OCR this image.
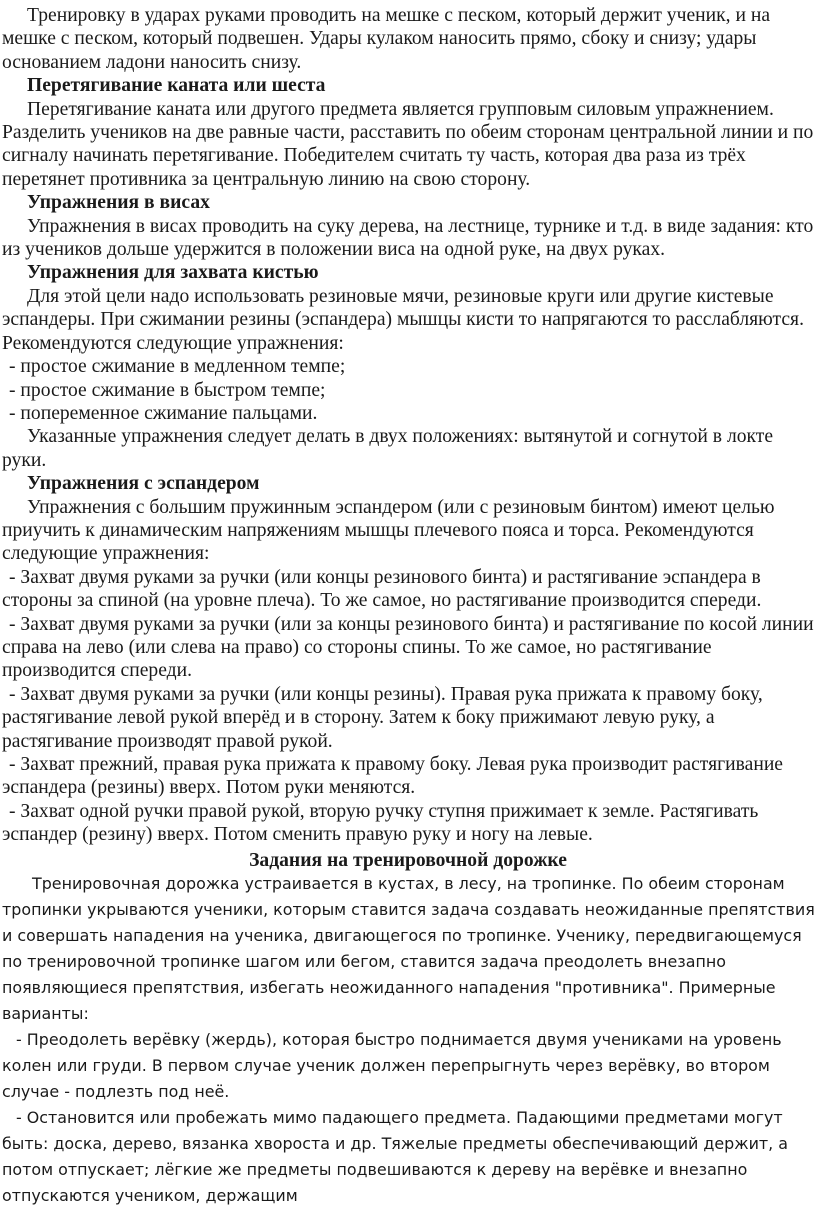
Тренировку в ударах руками проводить на мешке с песком, который держит ученик, и на мешке с песком, который подвешен. Удары кулаком наносить прямо, сбоку и снизу; удары основанием ладони наносить снизу.

Перетягивание каната или шеста

Перетягивание каната или другого предмета является групповым силовым упражнением. Разделить учеников на две равные части, расставить по обеим сторонам центральной линии и по сигналу начинать перетягивание. Победителем считать ту часть, которая два раза из трёх перетянет противника за центральную линию на свою сторону.

Упражнения в висах

Упражнения в висах проводить на суку дерева, на лестнице, турнике и т.д. в виде задания: кто из учеников дольше удержится в положении виса на одной руке, на двух руках.

Упражнения для захвата кистью

Для этой цели надо использовать резиновые мячи, резиновые круги или другие кистевые эспандеры. При сжимании резины (эспандера) мышцы кисти то напрягаются то расслабляются. Рекомендуются следующие упражнения:

- простое сжимание в медленном темпе;
- простое сжимание в быстром темпе;
- попеременное сжимание пальцами.

Указанные упражнения следует делать в двух положениях: вытянутой и согнутой в локте руки.

Упражнения с эспандером

Упражнения с большим пружинным эспандером (или с резиновым бинтом) имеют целью приучить к динамическим напряжениям мышцы плечевого пояса и торса. Рекомендуются следующие упражнения:

- Захват двумя руками за ручки (или концы резинового бинта) и растягивание эспандера в стороны за спиной (на уровне плеча). То же самое, но растягивание производится спереди.
- Захват двумя руками за ручки (или за концы резинового бинта) и растягивание по косой линии справа на лево (или слева на право) со стороны спины. То же самое, но растягивание производится спереди.
- Захват двумя руками за ручки (или концы резины). Правая рука прижата к правому боку, растягивание левой рукой вперёд и в сторону. Затем к боку прижимают левую руку, а растягивание производят правой рукой.
- Захват прежний, правая рука прижата к правому боку. Левая рука производит растягивание эспандера (резины) вверх. Потом руки меняются.
- Захват одной ручки правой рукой, вторую ручку ступня прижимает к земле. Растягивать эспандер (резину) вверх. Потом сменить правую руку и ногу на левые.
Задания на тренировочной дорожке

Тренировочная дорожка устраивается в кустах, в лесу, на тропинке. По обеим сторонам тропинки укрываются ученики, которым ставится задача создавать неожиданные препятствия и совершать нападения на ученика, двигающегося по тропинке. Ученику, передвигающемуся по тренировочной тропинке шагом или бегом, ставится задача преодолеть внезапно появляющиеся препятствия, избегать неожиданного нападения "противника". Примерные варианты:

- Преодолеть верёвку (жердь), которая быстро поднимается двумя учениками на уровень колен или груди. В первом случае ученик должен перепрыгнуть через верёвку, во втором случае - подлезть под неё.
- Остановится или пробежать мимо падающего предмета. Падающими предметами могут быть: доска, дерево, вязанка хвороста и др. Тяжелые предметы обеспечивающий держит, а потом отпускает; лёгкие же предметы подвешиваются к дереву на верёвке и внезапно отпускаются учеником, держащим
